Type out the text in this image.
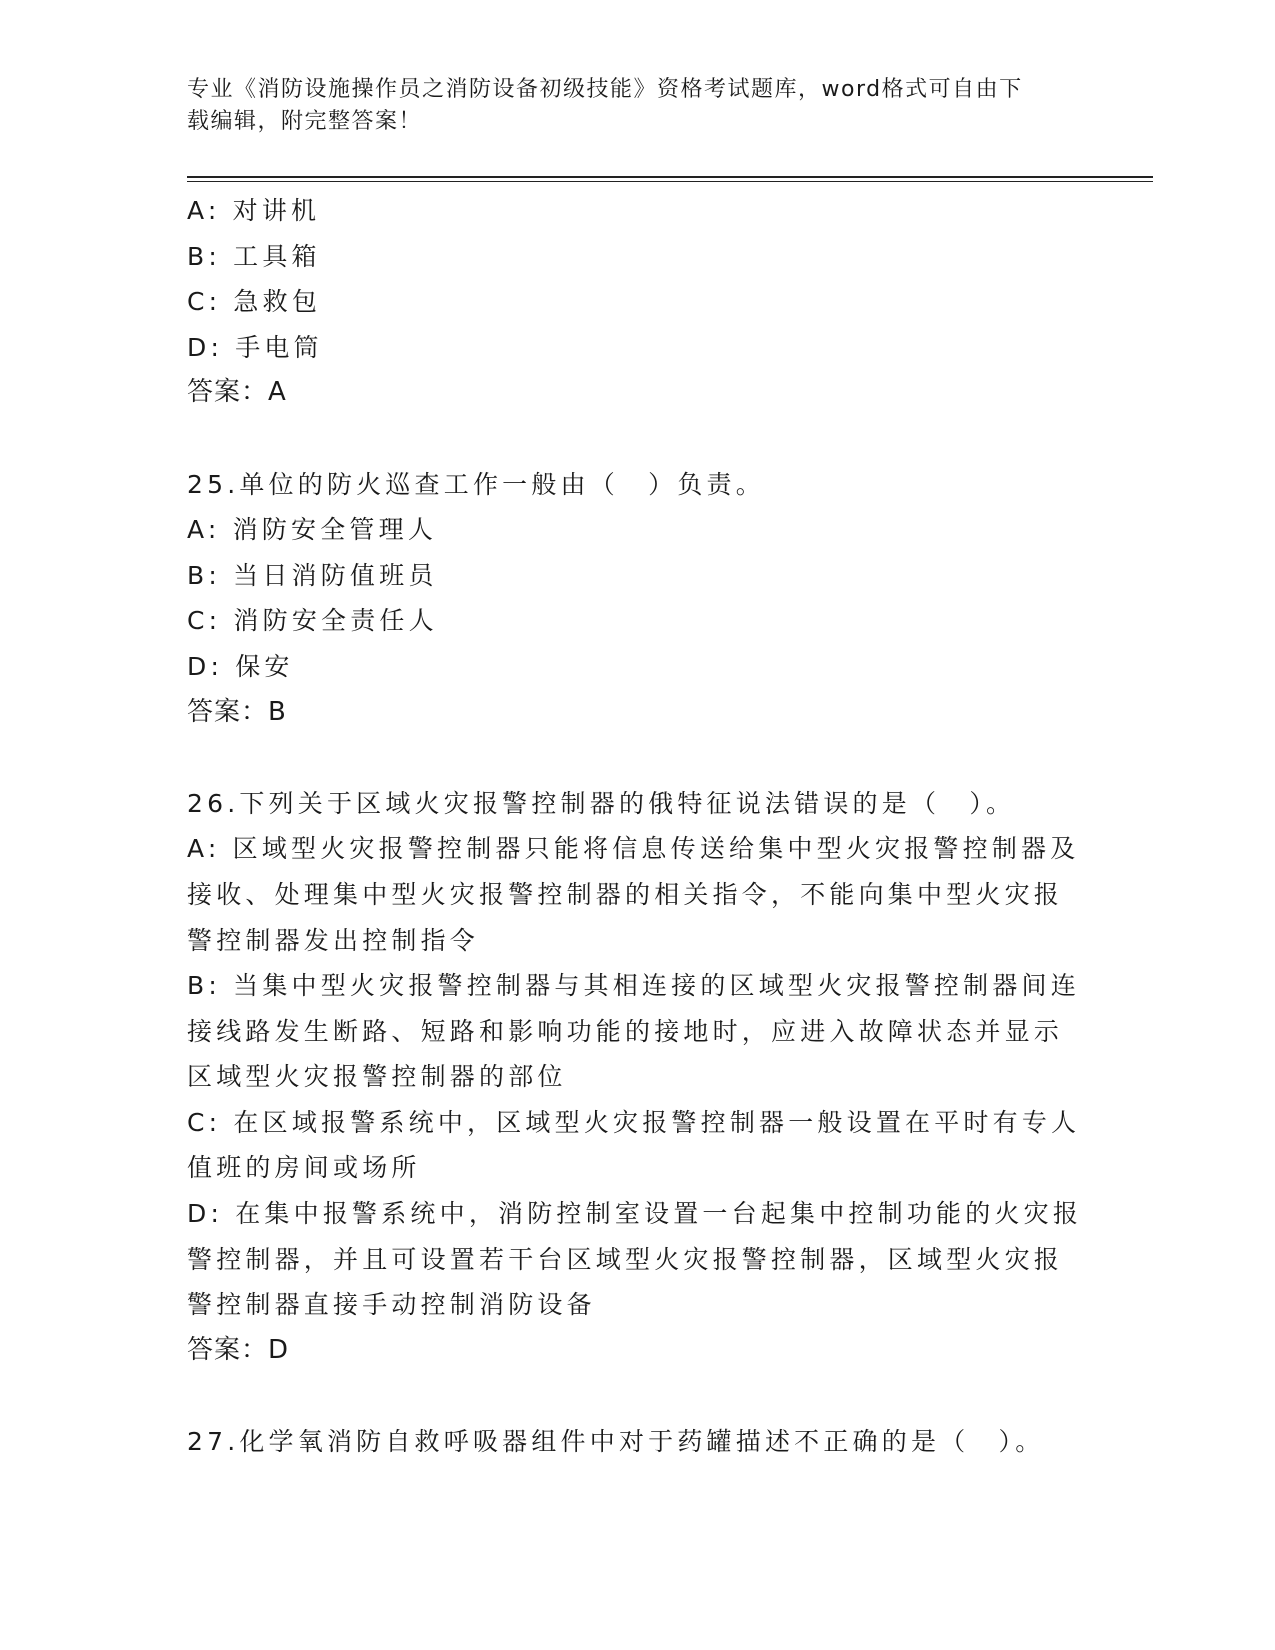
专业《消防设施操作员之消防设备初级技能》资格考试题库，word格式可自由下
载编辑，附完整答案！
A: 对讲机
B: 工具箱
C: 急救包
D: 手电筒
答案：A
25.单位的防火巡查工作一般由（　）负责。
A: 消防安全管理人
B: 当日消防值班员
C: 消防安全责任人
D: 保安
答案：B
26.下列关于区域火灾报警控制器的俄特征说法错误的是（　）。
A: 区域型火灾报警控制器只能将信息传送给集中型火灾报警控制器及
接收、处理集中型火灾报警控制器的相关指令，不能向集中型火灾报
警控制器发出控制指令
B: 当集中型火灾报警控制器与其相连接的区域型火灾报警控制器间连
接线路发生断路、短路和影响功能的接地时，应进入故障状态并显示
区域型火灾报警控制器的部位
C: 在区域报警系统中，区域型火灾报警控制器一般设置在平时有专人
值班的房间或场所
D: 在集中报警系统中，消防控制室设置一台起集中控制功能的火灾报
警控制器，并且可设置若干台区域型火灾报警控制器，区域型火灾报
警控制器直接手动控制消防设备
答案：D
27.化学氧消防自救呼吸器组件中对于药罐描述不正确的是（　）。
